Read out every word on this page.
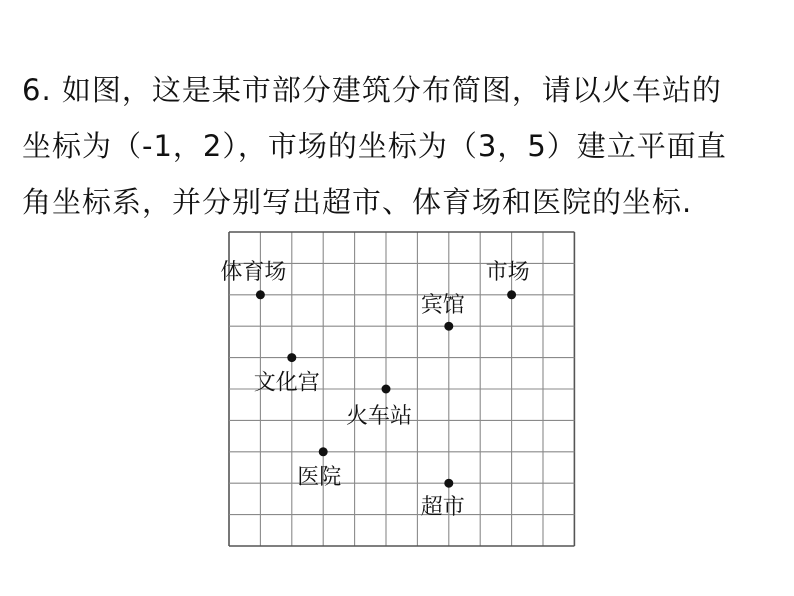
6. 如图，这是某市部分建筑分布简图，请以火车站的
坐标为（-1，2），市场的坐标为（3，5）建立平面直
角坐标系，并分别写出超市、体育场和医院的坐标.
体育场	市场
宾馆
文化宫
火车站
医院
超市
